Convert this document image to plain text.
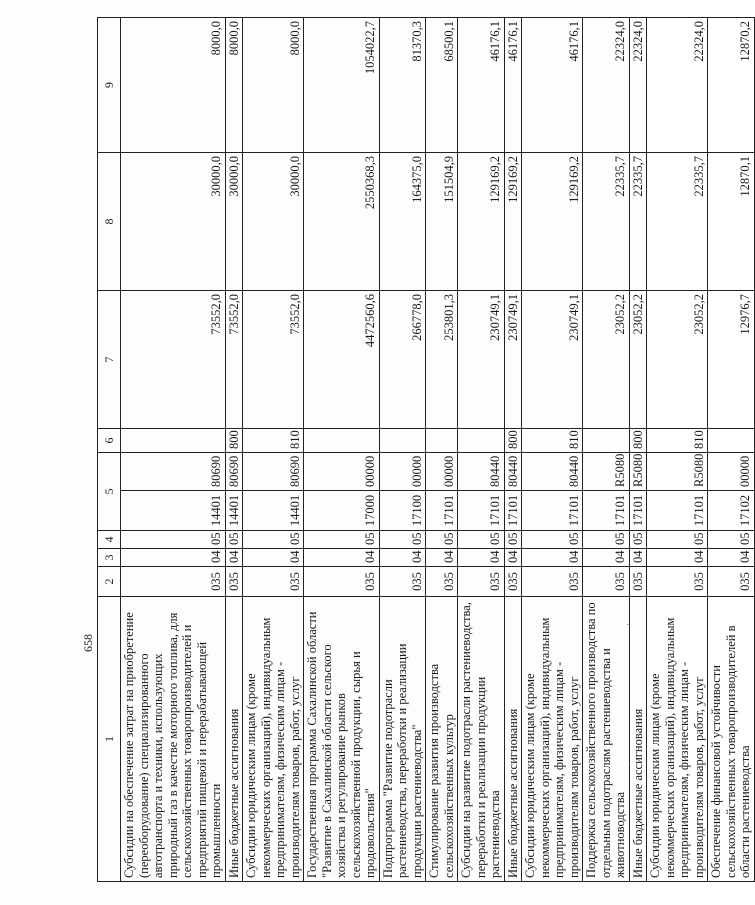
658
1	2	3	4	5		6	7	8	9
Субсидии на обеспечение затрат на приобретение (переоборудование) специализированного автотранспорта и техники, использующих природный газ в качестве моторного топлива, для сельскохозяйственных товаропроизводителей и предприятий пищевой и перерабатывающей промышленности	035	04	05	14401	80690		73552,0	30000,0	8000,0
Иные бюджетные ассигнования	035	04	05	14401	80690	800	73552,0	30000,0	8000,0
Субсидии юридическим лицам (кроме некоммерческих организаций), индивидуальным предпринимателям, физическим лицам - производителям товаров, работ, услуг	035	04	05	14401	80690	810	73552,0	30000,0	8000,0
Государственная программа Сахалинской области "Развитие в Сахалинской области сельского хозяйства и регулирование рынков сельскохозяйственной продукции, сырья и продовольствия"	035	04	05	17000	00000		4472560,6	2550368,3	1054022,7
Подпрограмма "Развитие подотрасли растениеводства, переработки и реализации продукции растениеводства"	035	04	05	17100	00000		266778,0	164375,0	81370,3
Стимулирование развития производства сельскохозяйственных культур	035	04	05	17101	00000		253801,3	151504,9	68500,1
Субсидии на развитие подотрасли растениеводства, переработки и реализации продукции растениеводства	035	04	05	17101	80440		230749,1	129169,2	46176,1
Иные бюджетные ассигнования	035	04	05	17101	80440	800	230749,1	129169,2	46176,1
Субсидии юридическим лицам (кроме некоммерческих организаций), индивидуальным предпринимателям, физическим лицам - производителям товаров, работ, услуг	035	04	05	17101	80440	810	230749,1	129169,2	46176,1
Поддержка сельскохозяйственного производства по отдельным подотраслям растениеводства и животноводства	035	04	05	17101	R5080		23052,2	22335,7	22324,0
Иные бюджетные ассигнования	035	04	05	17101	R5080	800	23052,2	22335,7	22324,0
Субсидии юридическим лицам (кроме некоммерческих организаций), индивидуальным предпринимателям, физическим лицам - производителям товаров, работ, услуг	035	04	05	17101	R5080	810	23052,2	22335,7	22324,0
Обеспечение финансовой устойчивости сельскохозяйственных товаропроизводителей в области растениеводства	035	04	05	17102	00000		12976,7	12870,1	12870,2
·
·
